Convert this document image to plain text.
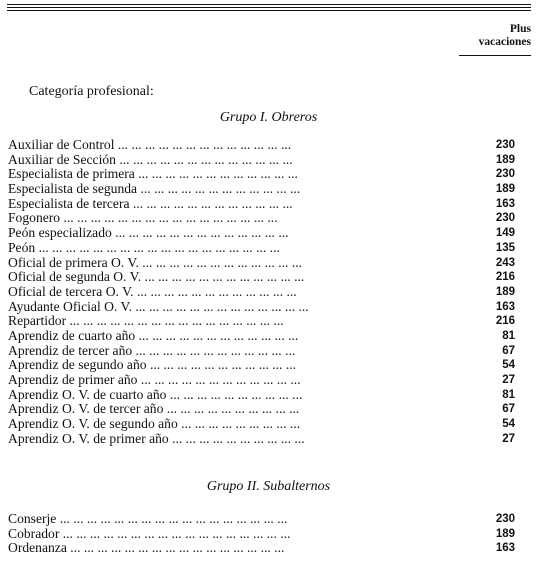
Plus
vacaciones
Categoría profesional:
Grupo I. Obreros
Auxiliar de Control ... ... ... ... ... ... ... ... ... ... ... ... ...	230
Auxiliar de Sección ... ... ... ... ... ... ... ... ... ... ... ... ...	189
Especialista de primera ... ... ... ... ... ... ... ... ... ... ... ...	230
Especialista de segunda ... ... ... ... ... ... ... ... ... ... ... ...	189
Especialista de tercera ... ... ... ... ... ... ... ... ... ... ... ...	163
Fogonero ... ... ... ... ... ... ... ... ... ... ... ... ... ... ... ...	230
Peón especializado ... ... ... ... ... ... ... ... ... ... ... ... ...	149
Peón ... ... ... ... ... ... ... ... ... ... ... ... ... ... ... ... ... ...	135
Oficial de primera O. V. ... ... ... ... ... ... ... ... ... ... ... ...	243
Oficial de segunda O. V. ... ... ... ... ... ... ... ... ... ... ... ...	216
Oficial de tercera O. V. ... ... ... ... ... ... ... ... ... ... ... ...	189
Ayudante Oficial O. V. ... ... ... ... ... ... ... ... ... ... ... ... ...	163
Repartidor ... ... ... ... ... ... ... ... ... ... ... ... ... ... ... ...	216
Aprendiz de cuarto año ... ... ... ... ... ... ... ... ... ... ... ...	81
Aprendiz de tercer año ... ... ... ... ... ... ... ... ... ... ... ...	67
Aprendiz de segundo año ... ... ... ... ... ... ... ... ... ... ...	54
Aprendiz de primer año ... ... ... ... ... ... ... ... ... ... ... ...	27
Aprendiz O. V. de cuarto año ... ... ... ... ... ... ... ... ... ...	81
Aprendiz O. V. de tercer año ... ... ... ... ... ... ... ... ... ...	67
Aprendiz O. V. de segundo año ... ... ... ... ... ... ... ... ...	54
Aprendiz O. V. de primer año ... ... ... ... ... ... ... ... ... ...	27
Grupo II. Subalternos
Conserje ... ... ... ... ... ... ... ... ... ... ... ... ... ... ... ... ...	230
Cobrador ... ... ... ... ... ... ... ... ... ... ... ... ... ... ... ... ...	189
Ordenanza ... ... ... ... ... ... ... ... ... ... ... ... ... ... ... ...	163
